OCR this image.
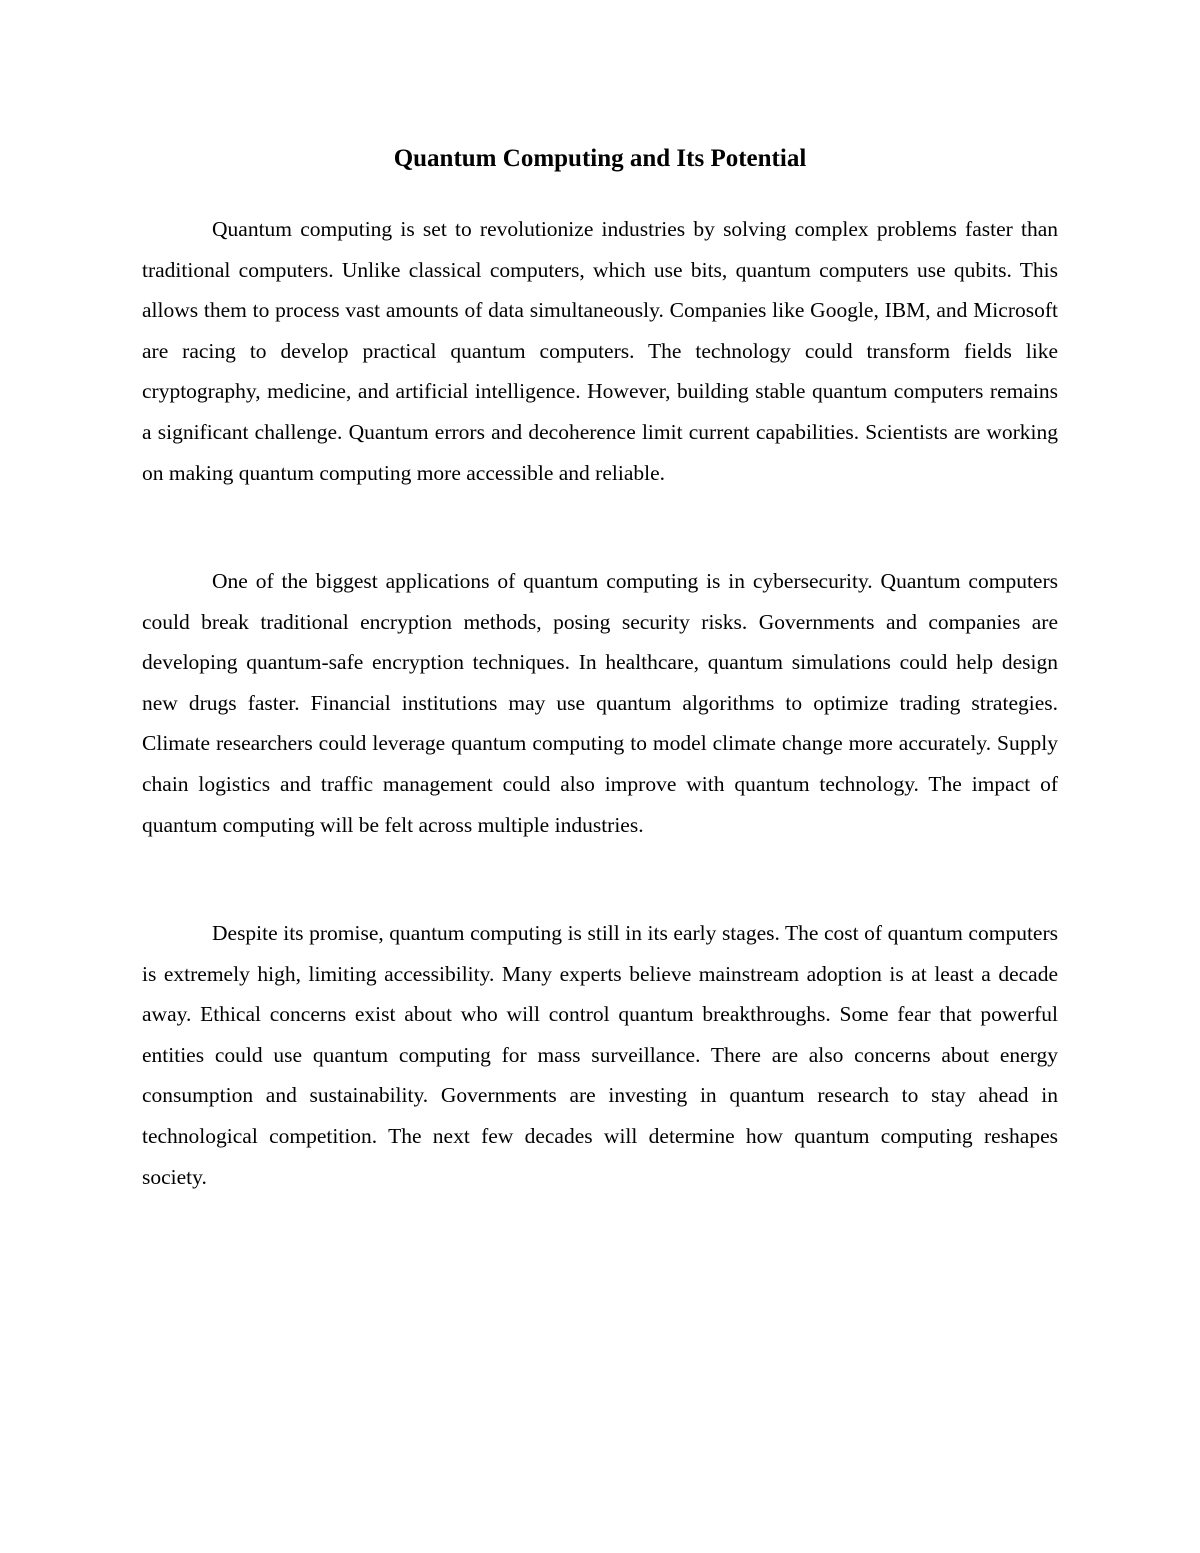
Quantum Computing and Its Potential

Quantum computing is set to revolutionize industries by solving complex problems faster than traditional computers. Unlike classical computers, which use bits, quantum computers use qubits. This allows them to process vast amounts of data simultaneously. Companies like Google, IBM, and Microsoft are racing to develop practical quantum computers. The technology could transform fields like cryptography, medicine, and artificial intelligence. However, building stable quantum computers remains a significant challenge. Quantum errors and decoherence limit current capabilities. Scientists are working on making quantum computing more accessible and reliable.

One of the biggest applications of quantum computing is in cybersecurity. Quantum computers could break traditional encryption methods, posing security risks. Governments and companies are developing quantum-safe encryption techniques. In healthcare, quantum simulations could help design new drugs faster. Financial institutions may use quantum algorithms to optimize trading strategies. Climate researchers could leverage quantum computing to model climate change more accurately. Supply chain logistics and traffic management could also improve with quantum technology. The impact of quantum computing will be felt across multiple industries.

Despite its promise, quantum computing is still in its early stages. The cost of quantum computers is extremely high, limiting accessibility. Many experts believe mainstream adoption is at least a decade away. Ethical concerns exist about who will control quantum breakthroughs. Some fear that powerful entities could use quantum computing for mass surveillance. There are also concerns about energy consumption and sustainability. Governments are investing in quantum research to stay ahead in technological competition. The next few decades will determine how quantum computing reshapes society.
